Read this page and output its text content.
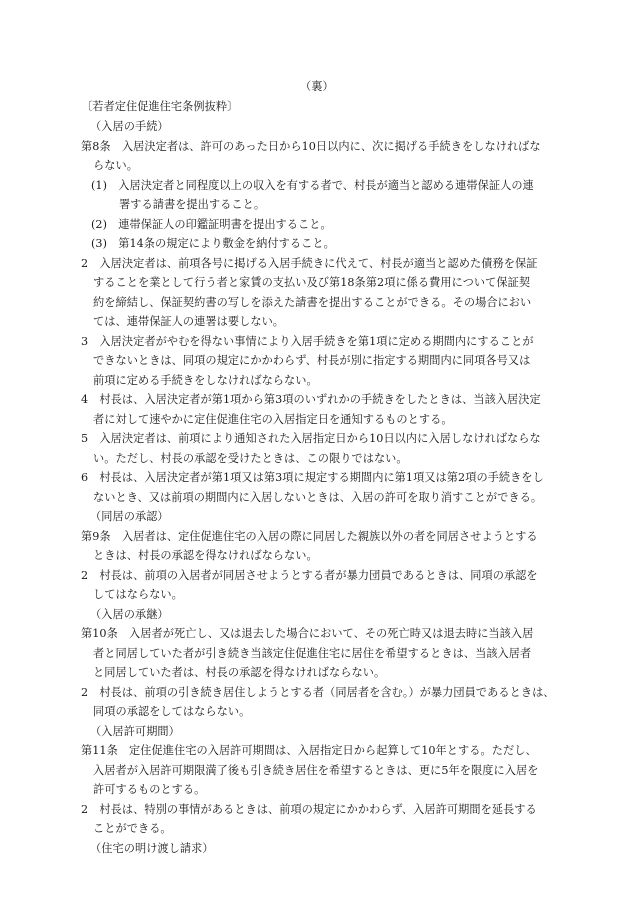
（裏）
〔若者定住促進住宅条例抜粋〕
（入居の手続）
第8条　入居決定者は、許可のあった日から10日以内に、次に掲げる手続きをしなければな
らない。
(1)　入居決定者と同程度以上の収入を有する者で、村長が適当と認める連帯保証人の連
署する請書を提出すること。
(2)　連帯保証人の印鑑証明書を提出すること。
(3)　第14条の規定により敷金を納付すること。
2　入居決定者は、前項各号に掲げる入居手続きに代えて、村長が適当と認めた債務を保証
することを業として行う者と家賃の支払い及び第18条第2項に係る費用について保証契
約を締結し、保証契約書の写しを添えた請書を提出することができる。その場合におい
ては、連帯保証人の連署は要しない。
3　入居決定者がやむを得ない事情により入居手続きを第1項に定める期間内にすることが
できないときは、同項の規定にかかわらず、村長が別に指定する期間内に同項各号又は
前項に定める手続きをしなければならない。
4　村長は、入居決定者が第1項から第3項のいずれかの手続きをしたときは、当該入居決定
者に対して速やかに定住促進住宅の入居指定日を通知するものとする。
5　入居決定者は、前項により通知された入居指定日から10日以内に入居しなければならな
い。ただし、村長の承認を受けたときは、この限りではない。
6　村長は、入居決定者が第1項又は第3項に規定する期間内に第1項又は第2項の手続きをし
ないとき、又は前項の期間内に入居しないときは、入居の許可を取り消すことができる。
（同居の承認）
第9条　入居者は、定住促進住宅の入居の際に同居した親族以外の者を同居させようとする
ときは、村長の承認を得なければならない。
2　村長は、前項の入居者が同居させようとする者が暴力団員であるときは、同項の承認を
してはならない。
（入居の承継）
第10条　入居者が死亡し、又は退去した場合において、その死亡時又は退去時に当該入居
者と同居していた者が引き続き当該定住促進住宅に居住を希望するときは、当該入居者
と同居していた者は、村長の承認を得なければならない。
2　村長は、前項の引き続き居住しようとする者（同居者を含む。）が暴力団員であるときは、
同項の承認をしてはならない。
（入居許可期間）
第11条　定住促進住宅の入居許可期間は、入居指定日から起算して10年とする。ただし、
入居者が入居許可期限満了後も引き続き居住を希望するときは、更に5年を限度に入居を
許可するものとする。
2　村長は、特別の事情があるときは、前項の規定にかかわらず、入居許可期間を延長する
ことができる。
（住宅の明け渡し請求）
